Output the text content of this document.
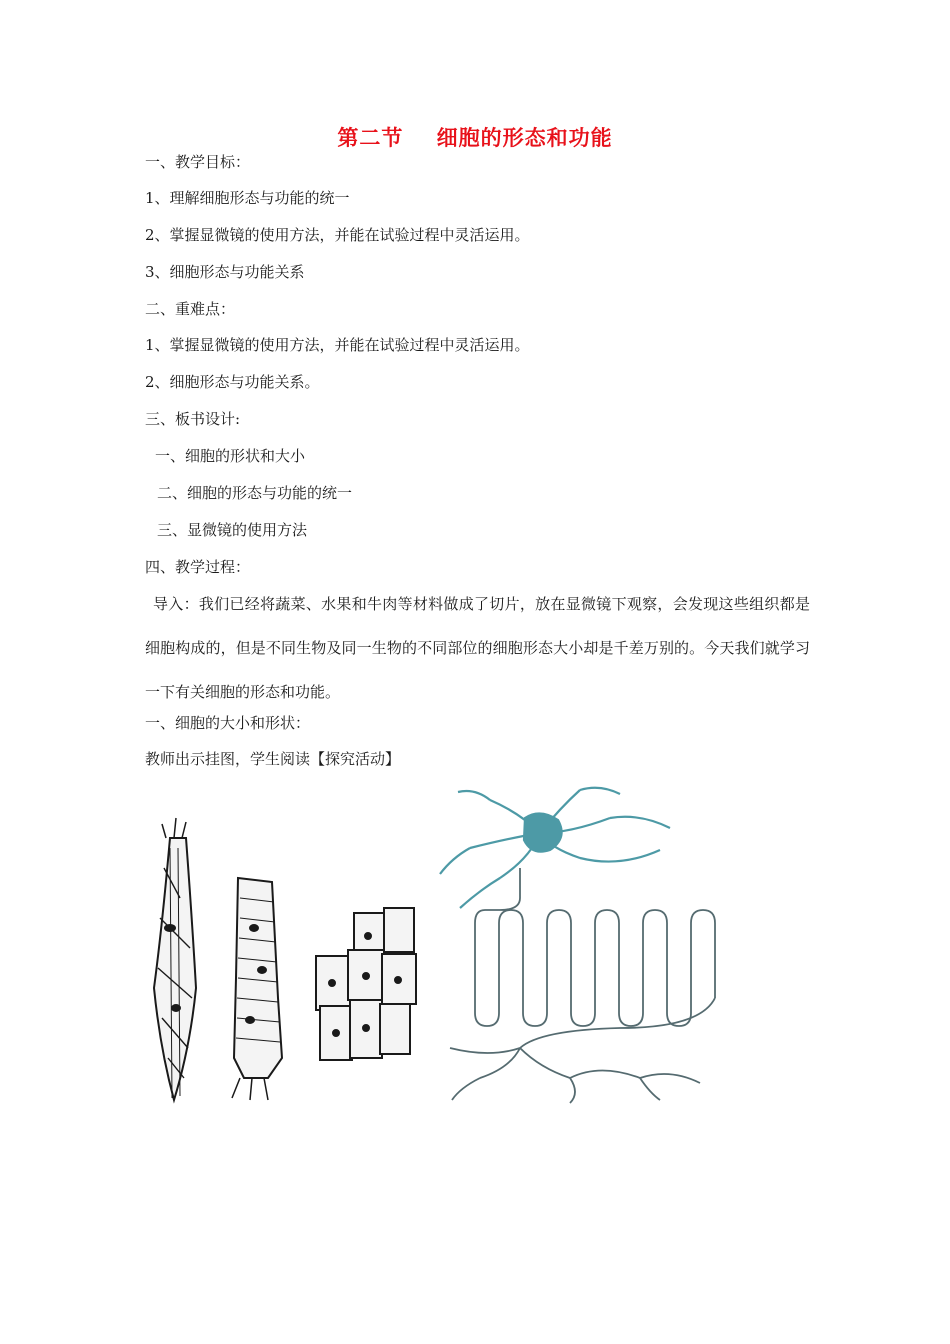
第二节    细胞的形态和功能
一、教学目标：
1、理解细胞形态与功能的统一
2、掌握显微镜的使用方法，并能在试验过程中灵活运用。
3、细胞形态与功能关系
二、重难点：
1、掌握显微镜的使用方法，并能在试验过程中灵活运用。
2、细胞形态与功能关系。
三、板书设计:
一、细胞的形状和大小
二、细胞的形态与功能的统一
三、显微镜的使用方法
四、教学过程：
导入：我们已经将蔬菜、水果和牛肉等材料做成了切片，放在显微镜下观察，会发现这些组织都是细胞构成的，但是不同生物及同一生物的不同部位的细胞形态大小却是千差万别的。今天我们就学习一下有关细胞的形态和功能。
一、细胞的大小和形状：
教师出示挂图，学生阅读【探究活动】
